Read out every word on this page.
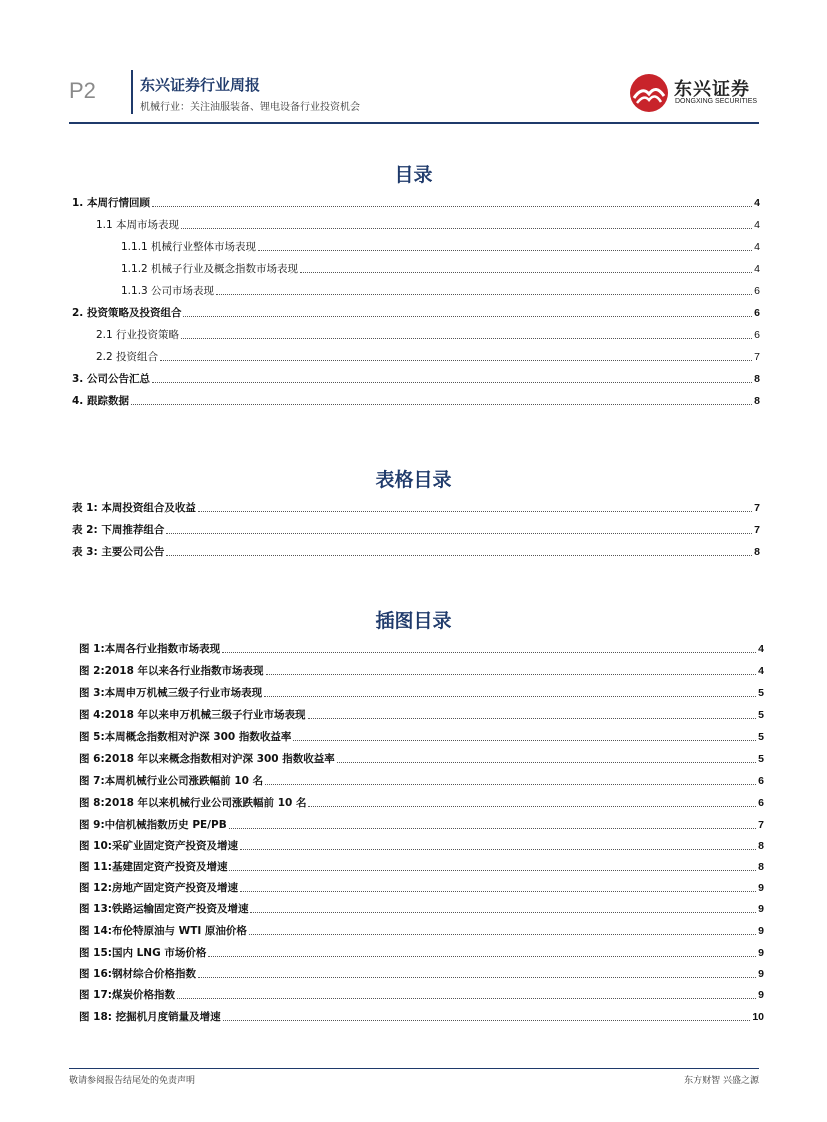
P2	东兴证券行业周报
机械行业：关注油服装备、锂电设备行业投资机会
东兴证券
DONGXING SECURITIES
目录
1. 本周行情回顾	4
1.1 本周市场表现	4
1.1.1 机械行业整体市场表现	4
1.1.2 机械子行业及概念指数市场表现	4
1.1.3 公司市场表现	6
2. 投资策略及投资组合	6
2.1 行业投资策略	6
2.2 投资组合	7
3. 公司公告汇总	8
4. 跟踪数据	8
表格目录
表 1: 本周投资组合及收益	7
表 2: 下周推荐组合	7
表 3: 主要公司公告	8
插图目录
图 1:本周各行业指数市场表现	4
图 2:2018 年以来各行业指数市场表现	4
图 3:本周申万机械三级子行业市场表现	5
图 4:2018 年以来申万机械三级子行业市场表现	5
图 5:本周概念指数相对沪深 300 指数收益率	5
图 6:2018 年以来概念指数相对沪深 300 指数收益率	5
图 7:本周机械行业公司涨跌幅前 10 名	6
图 8:2018 年以来机械行业公司涨跌幅前 10 名	6
图 9:中信机械指数历史 PE/PB	7
图 10:采矿业固定资产投资及增速	8
图 11:基建固定资产投资及增速	8
图 12:房地产固定资产投资及增速	9
图 13:铁路运输固定资产投资及增速	9
图 14:布伦特原油与 WTI 原油价格	9
图 15:国内 LNG 市场价格	9
图 16:钢材综合价格指数	9
图 17:煤炭价格指数	9
图 18: 挖掘机月度销量及增速	10
敬请参阅报告结尾处的免责声明	东方财智 兴盛之源
